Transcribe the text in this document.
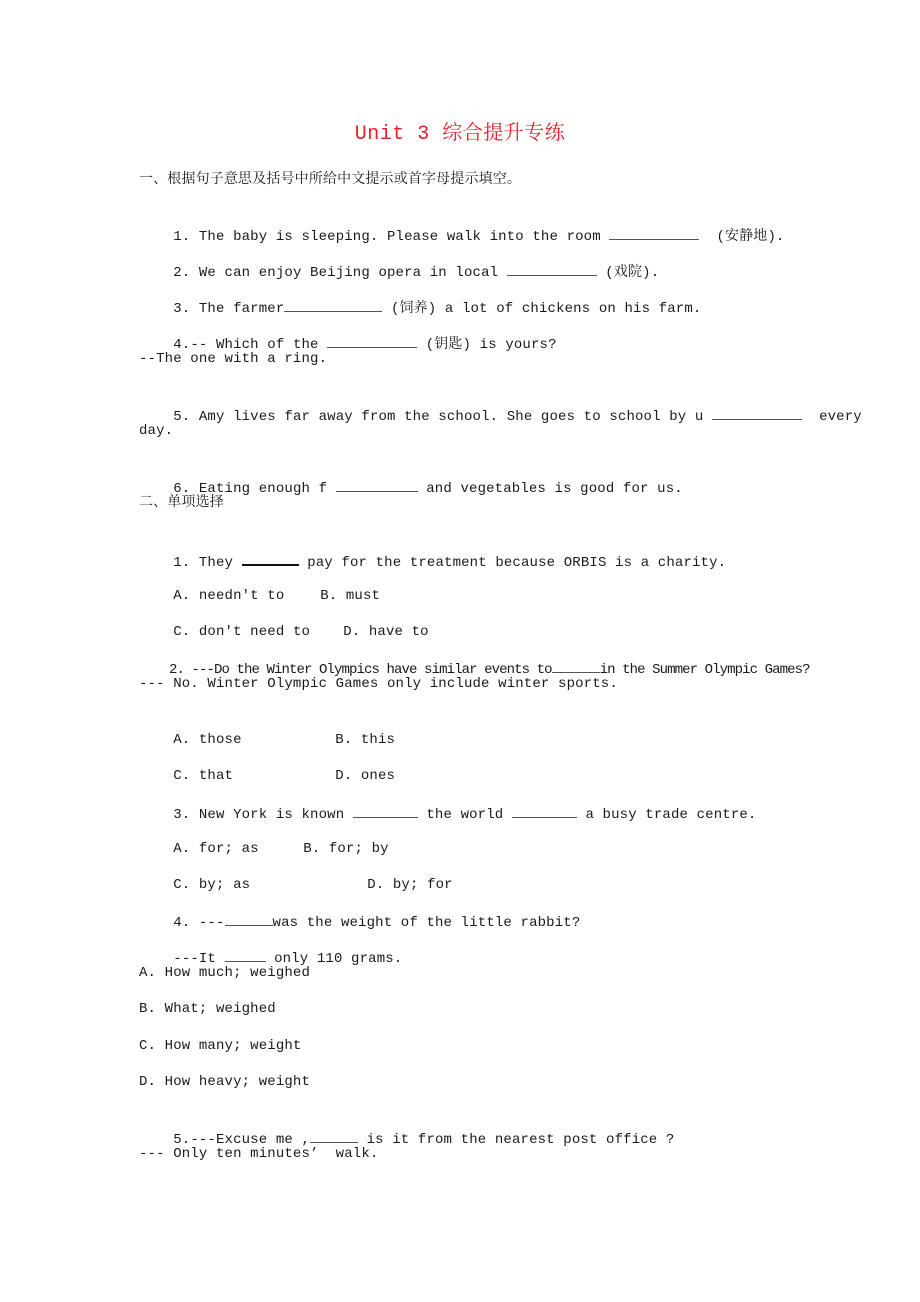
Unit 3 综合提升专练
一、根据句子意思及括号中所给中文提示或首字母提示填空。

1. The baby is sleeping. Please walk into the room	(安静地).

2. We can enjoy Beijing opera in local	(戏院).

3. The farmer	(饲养) a lot of chickens on his farm.

4.-- Which of the	(钥匙) is yours?

--The one with a ring.

5. Amy lives far away from the school. She goes to school by u	every

day.

6. Eating enough f	and vegetables is good for us.

二、单项选择

1. They	pay for the treatment because ORBIS is a charity.

A. needn't to	B. must

C. don't need to D. have to

2. ---Do the Winter Olympics have similar events to	in the Summer Olympic Games?

--- No. Winter Olympic Games only include winter sports.

A. those	B. this

C. that	D. ones

3. New York is known	the world	a busy trade centre.

A. for; as	B. for; by

C. by; as	D. by; for

4. ---	was the weight of the little rabbit?

---It	only 110 grams.

A. How much; weighed
B. What; weighed
C. How many; weight
D. How heavy; weight

5.---Excuse me ,	is it from the nearest post office ?

--- Only ten minutes’  walk.
